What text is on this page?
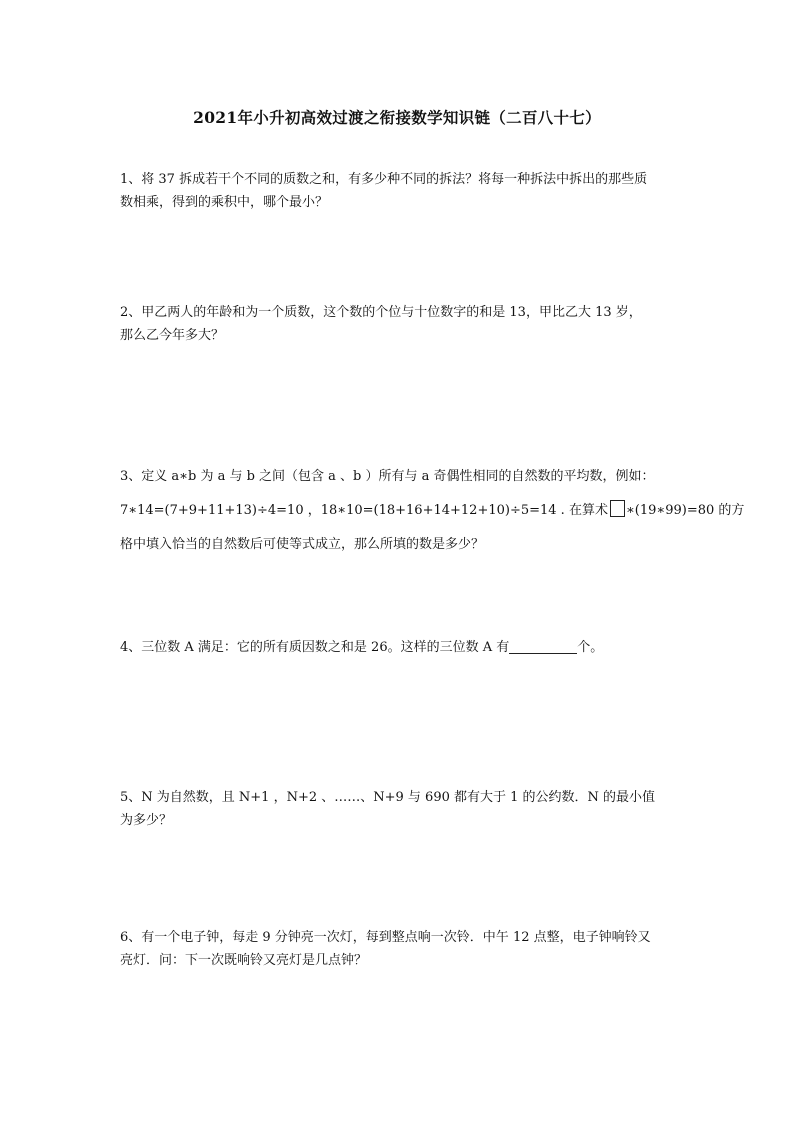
2021年小升初高效过渡之衔接数学知识链（二百八十七）
1、将 37 拆成若干个不同的质数之和，有多少种不同的拆法？将每一种拆法中拆出的那些质
数相乘，得到的乘积中，哪个最小？
2、甲乙两人的年龄和为一个质数，这个数的个位与十位数字的和是 13，甲比乙大 13 岁，
那么乙今年多大？
3、定义 a∗b 为 a 与 b 之间（包含 a 、b ）所有与 a 奇偶性相同的自然数的平均数，例如：
7∗14=(7+9+11+13)÷4=10 ，18∗10=(18+16+14+12+10)÷5=14 . 在算术 ∗(19∗99)=80 的方
格中填入恰当的自然数后可使等式成立，那么所填的数是多少？
4、三位数 A 满足：它的所有质因数之和是 26。这样的三位数 A 有	个。
5、N 为自然数，且 N+1 ，N+2 、……、N+9 与 690 都有大于 1 的公约数．N 的最小值
为多少？
6、有一个电子钟，每走 9 分钟亮一次灯，每到整点响一次铃．中午 12 点整，电子钟响铃又
亮灯．问：下一次既响铃又亮灯是几点钟？
